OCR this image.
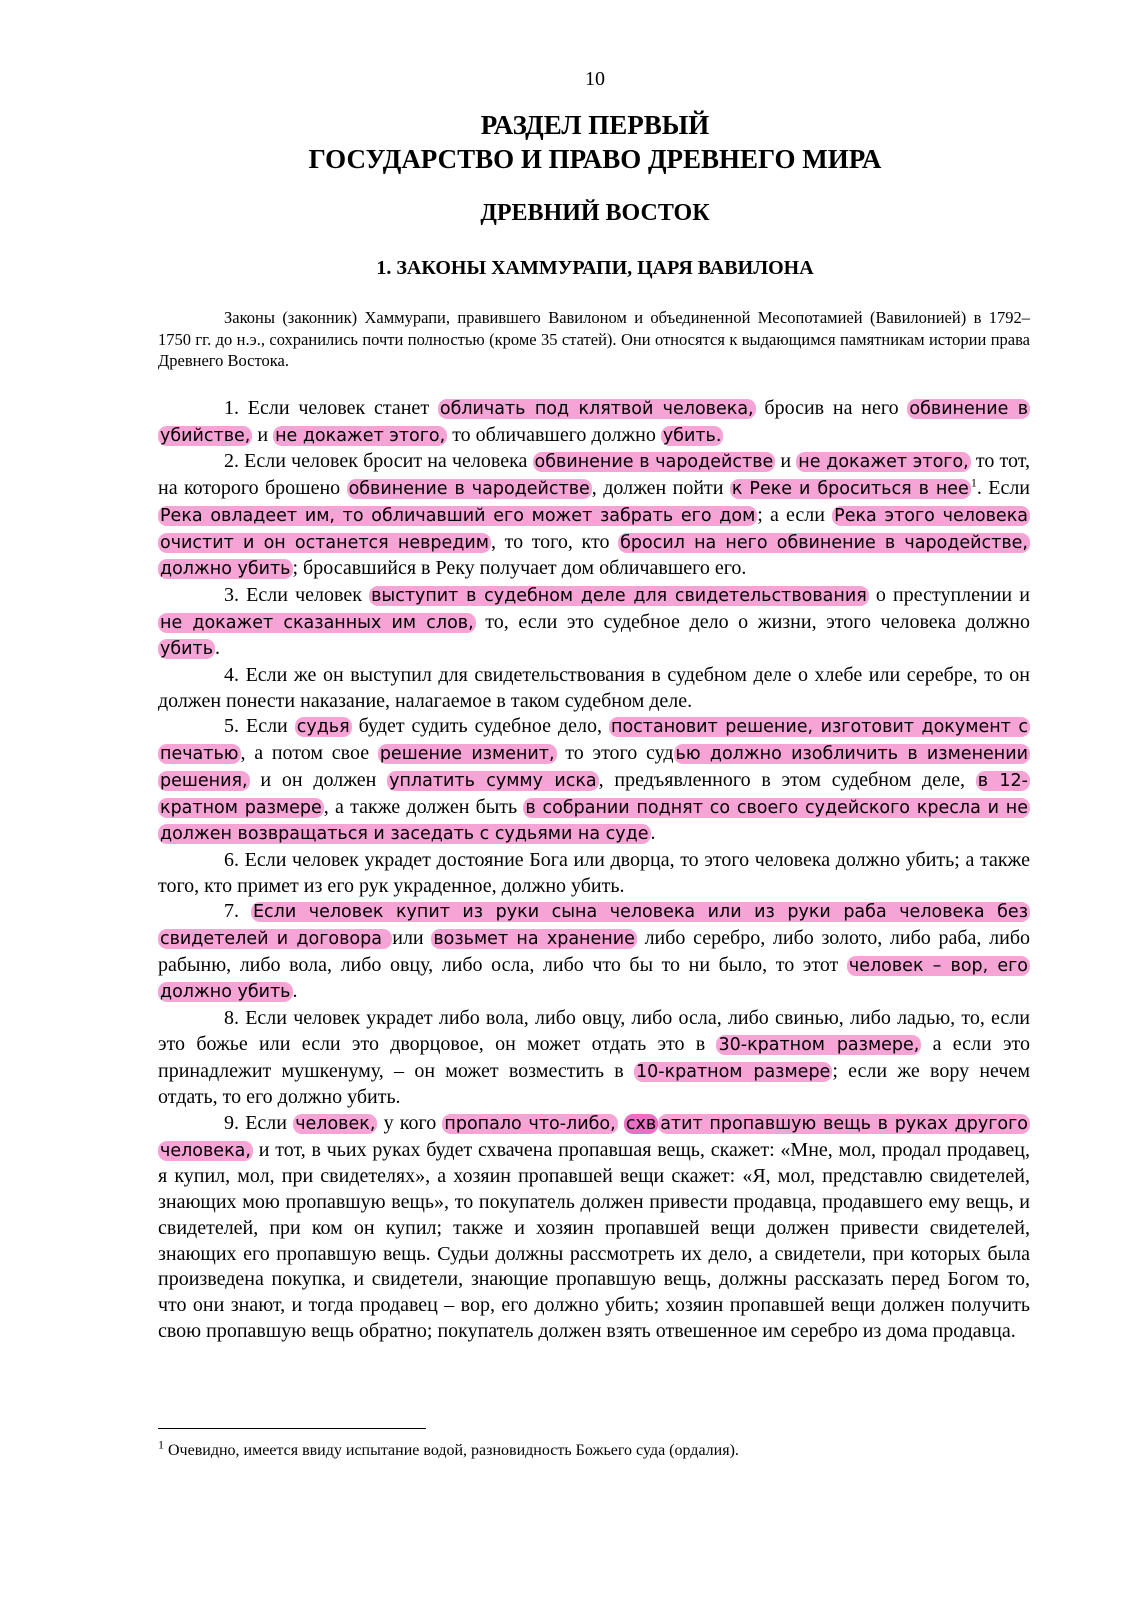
10
РАЗДЕЛ ПЕРВЫЙ
ГОСУДАРСТВО И ПРАВО ДРЕВНЕГО МИРА
ДРЕВНИЙ ВОСТОК
1. ЗАКОНЫ ХАММУРАПИ, ЦАРЯ ВАВИЛОНА

Законы (законник) Хаммурапи, правившего Вавилоном и объединенной Месопотамией (Вавилонией) в 1792–1750 гг. до н.э., сохранились почти полностью (кроме 35 статей). Они относятся к выдающимся памятникам истории права Древнего Востока.

1. Если человек станет обличать под клятвой человека, бросив на него обвинение в убийстве, и не докажет этого, то обличавшего должно убить.

2. Если человек бросит на человека обвинение в чародействе и не докажет этого, то тот, на которого брошено обвинение в чародействе , должен пойти к Реке и броситься в нее $^1$. Если Река овладеет им, то обличавший его может забрать его дом ; а если Река этого человека очистит и он останется невредим , то того, кто бросил на него обвинение в чародействе, должно убить ; бросавшийся в Реку получает дом обличавшего его.

3. Если человек выступит в судебном деле для свидетельствования о преступлении и не докажет сказанных им слов, то, если это судебное дело о жизни, этого человека должно убить .

4. Если же он выступил для свидетельствования в судебном деле о хлебе или серебре, то он должен понести наказание, налагаемое в таком судебном деле.

5. Если судья будет судить судебное дело, постановит решение, изготовит документ с печатью , а потом свое решение изменит, то этого суд ью должно изобличить в изменении решения, и он должен уплатить сумму иска , предъявленного в этом судебном деле, в 12-кратном размере , а также должен быть в собрании поднят со своего судейского кресла и не должен возвращаться и заседать с судьями на суде .

6. Если человек украдет достояние Бога или дворца, то этого человека должно убить; а также того, кто примет из его рук украденное, должно убить.

7. Если человек купит из руки сына человека или из руки раба человека без свидетелей и договора или возьмет на хранение либо серебро, либо золото, либо раба, либо рабыню, либо вола, либо овцу, либо осла, либо что бы то ни было, то этот человек – вор, его должно убить .

8. Если человек украдет либо вола, либо овцу, либо осла, либо свинью, либо ладью, то, если это божье или если это дворцовое, он может отдать это в 30-кратном размере, а если это принадлежит мушкенуму, – он может возместить в 10-кратном размере ; если же вору нечем отдать, то его должно убить.

9. Если человек, у кого пропало что-либо, схв атит пропавшую вещь в руках другого человека, и тот, в чьих руках будет схвачена пропавшая вещь, скажет: «Мне, мол, продал продавец, я купил, мол, при свидетелях», а хозяин пропавшей вещи скажет: «Я, мол, представлю свидетелей, знающих мою пропавшую вещь», то покупатель должен привести продавца, продавшего ему вещь, и свидетелей, при ком он купил; также и хозяин пропавшей вещи должен привести свидетелей, знающих его пропавшую вещь. Судьи должны рассмотреть их дело, а свидетели, при которых была произведена покупка, и свидетели, знающие пропавшую вещь, должны рассказать перед Богом то, что они знают, и тогда продавец – вор, его должно убить; хозяин пропавшей вещи должен получить свою пропавшую вещь обратно; покупатель должен взять отвешенное им серебро из дома продавца.

$^1$ Очевидно, имеется ввиду испытание водой, разновидность Божьего суда (ордалия).
